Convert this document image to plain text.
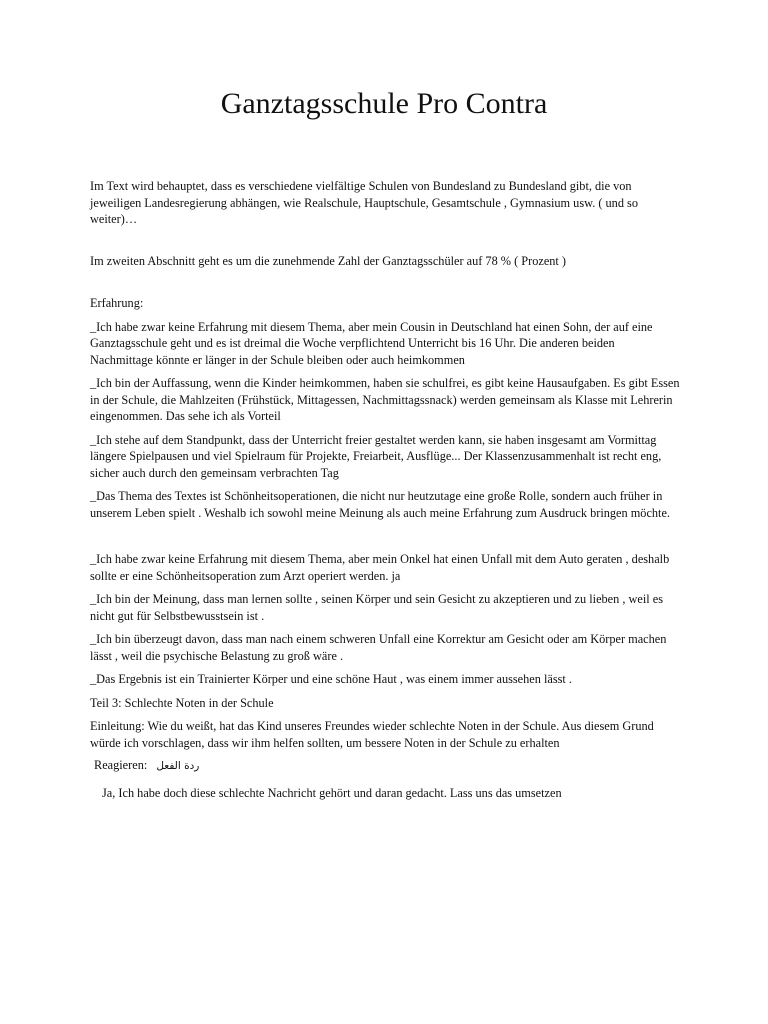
Ganztagsschule Pro Contra

Im Text wird behauptet, dass es verschiedene vielfältige Schulen von Bundesland zu Bundesland gibt, die von jeweiligen Landesregierung abhängen, wie Realschule, Hauptschule, Gesamtschule , Gymnasium usw. ( und so weiter)…

Im zweiten Abschnitt geht es um die zunehmende Zahl der Ganztagsschüler auf 78 % ( Prozent )

Erfahrung:

_Ich habe zwar keine Erfahrung mit diesem Thema, aber mein Cousin in Deutschland hat einen Sohn, der auf eine Ganztagsschule geht und es ist dreimal die Woche verpflichtend Unterricht bis 16 Uhr. Die anderen beiden Nachmittage könnte er länger in der Schule bleiben oder auch heimkommen

_Ich bin der Auffassung, wenn die Kinder heimkommen, haben sie schulfrei, es gibt keine Hausaufgaben. Es gibt Essen in der Schule, die Mahlzeiten (Frühstück, Mittagessen, Nachmittagssnack) werden gemeinsam als Klasse mit Lehrerin eingenommen. Das sehe ich als Vorteil

_Ich stehe auf dem Standpunkt, dass der Unterricht freier gestaltet werden kann, sie haben insgesamt am Vormittag längere Spielpausen und viel Spielraum für Projekte, Freiarbeit, Ausflüge... Der Klassenzusammenhalt ist recht eng, sicher auch durch den gemeinsam verbrachten Tag

_Das Thema des Textes ist Schönheitsoperationen, die nicht nur heutzutage eine große Rolle, sondern auch früher in unserem Leben spielt . Weshalb ich sowohl meine Meinung als auch meine Erfahrung zum Ausdruck bringen möchte.

_Ich habe zwar keine Erfahrung mit diesem Thema, aber mein Onkel hat einen Unfall mit dem Auto geraten , deshalb sollte er eine Schönheitsoperation zum Arzt operiert werden. ja

_Ich bin der Meinung, dass man lernen sollte , seinen Körper und sein Gesicht zu akzeptieren und zu lieben , weil es nicht gut für Selbstbewusstsein ist .

_Ich bin überzeugt davon, dass man nach einem schweren Unfall eine Korrektur am Gesicht oder am Körper machen lässt , weil die psychische Belastung zu groß wäre .

_Das Ergebnis ist ein Trainierter Körper und eine schöne Haut , was einem immer aussehen lässt .

Teil 3: Schlechte Noten in der Schule

Einleitung: Wie du weißt, hat das Kind unseres Freundes wieder schlechte Noten in der Schule. Aus diesem Grund würde ich vorschlagen, dass wir ihm helfen sollten, um bessere Noten in der Schule zu erhalten

Reagieren: ردة الفعل

Ja, Ich habe doch diese schlechte Nachricht gehört und daran gedacht. Lass uns das umsetzen
